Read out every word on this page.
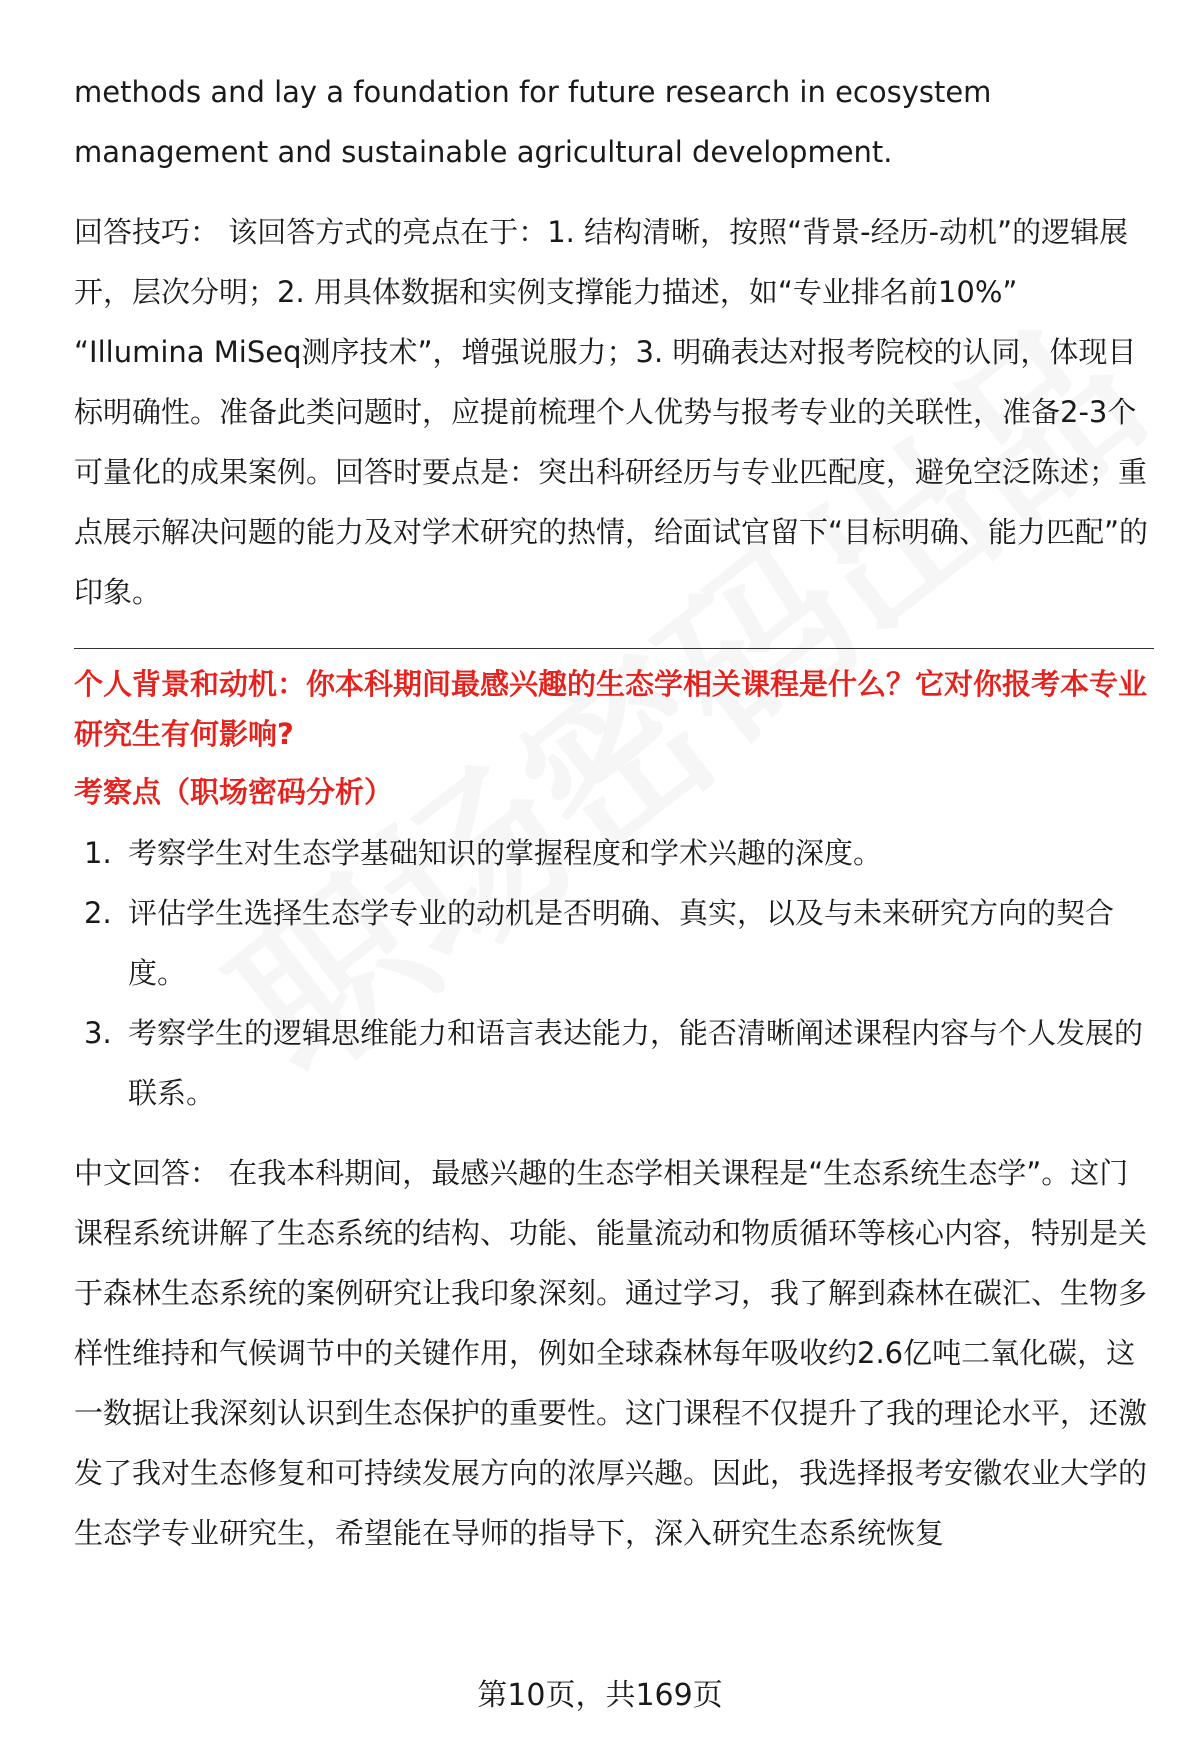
methods and lay a foundation for future research in ecosystem management and sustainable agricultural development.

回答技巧： 该回答方式的亮点在于：1. 结构清晰，按照“背景-经历-动机”的逻辑展开，层次分明；2. 用具体数据和实例支撑能力描述，如“专业排名前10%” “Illumina MiSeq测序技术”，增强说服力；3. 明确表达对报考院校的认同，体现目标明确性。准备此类问题时，应提前梳理个人优势与报考专业的关联性，准备2-3个可量化的成果案例。回答时要点是：突出科研经历与专业匹配度，避免空泛陈述；重点展示解决问题的能力及对学术研究的热情，给面试官留下“目标明确、能力匹配”的印象。

个人背景和动机：你本科期间最感兴趣的生态学相关课程是什么？它对你报考本专业研究生有何影响?

考察点（职场密码分析）

1. 考察学生对生态学基础知识的掌握程度和学术兴趣的深度。
2. 评估学生选择生态学专业的动机是否明确、真实，以及与未来研究方向的契合度。
3. 考察学生的逻辑思维能力和语言表达能力，能否清晰阐述课程内容与个人发展的联系。

中文回答： 在我本科期间，最感兴趣的生态学相关课程是“生态系统生态学”。这门课程系统讲解了生态系统的结构、功能、能量流动和物质循环等核心内容，特别是关于森林生态系统的案例研究让我印象深刻。通过学习，我了解到森林在碳汇、生物多样性维持和气候调节中的关键作用，例如全球森林每年吸收约2.6亿吨二氧化碳，这一数据让我深刻认识到生态保护的重要性。这门课程不仅提升了我的理论水平，还激发了我对生态修复和可持续发展方向的浓厚兴趣。因此，我选择报考安徽农业大学的生态学专业研究生，希望能在导师的指导下，深入研究生态系统恢复

第10页，共169页
